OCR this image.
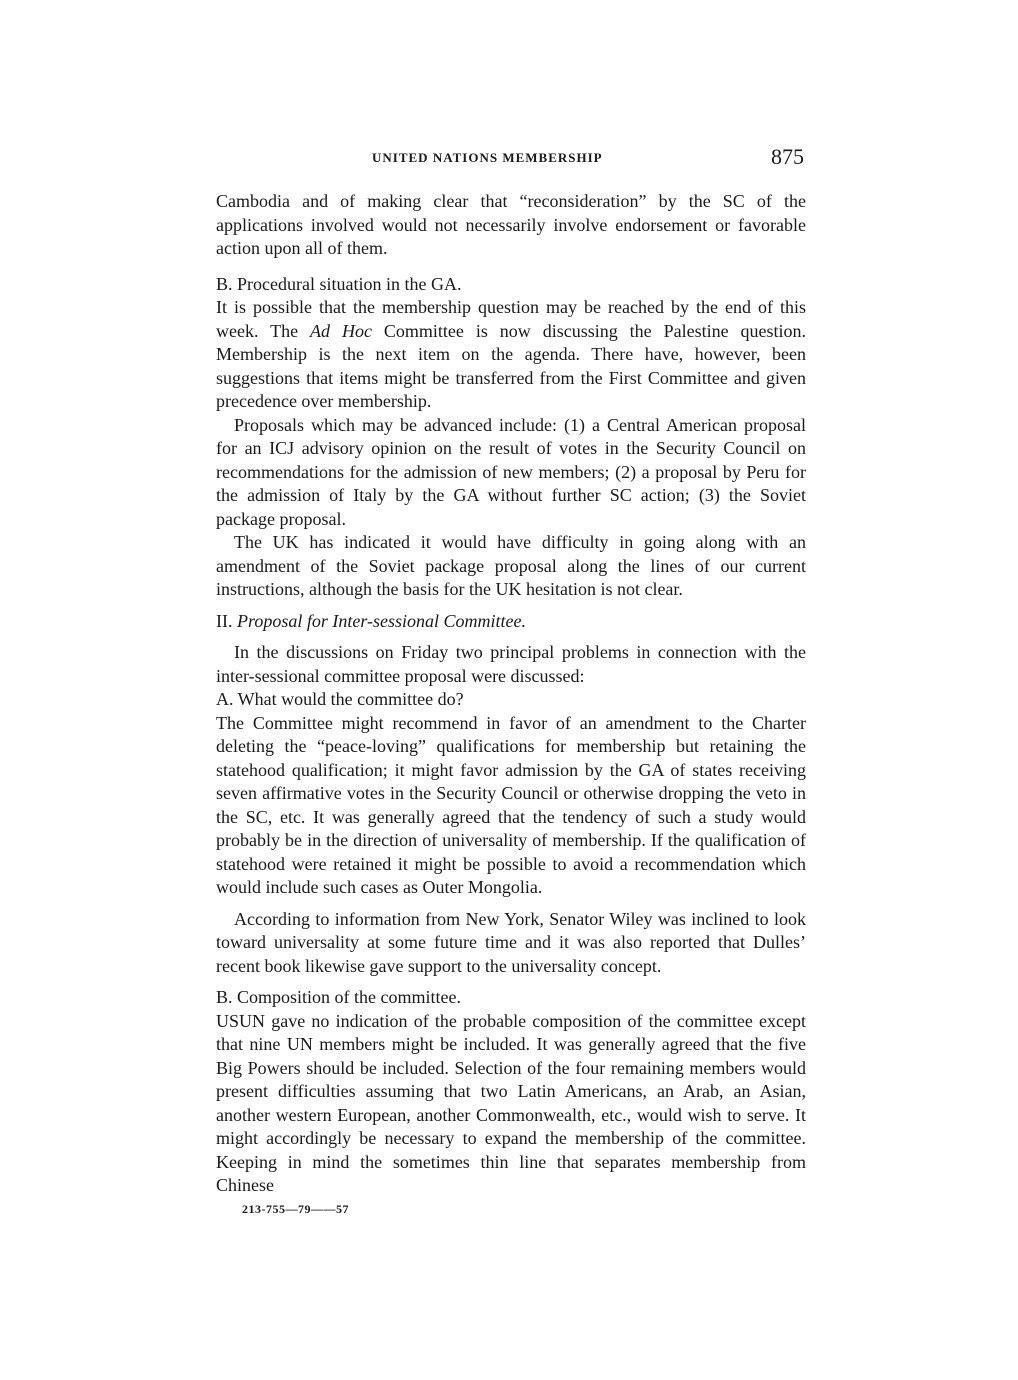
UNITED NATIONS MEMBERSHIP	875

Cambodia and of making clear that “reconsideration” by the SC of the applications involved would not necessarily involve endorsement or favorable action upon all of them.

B. Procedural situation in the GA.

It is possible that the membership question may be reached by the end of this week. The Ad Hoc Committee is now discussing the Palestine question. Membership is the next item on the agenda. There have, however, been suggestions that items might be transferred from the First Committee and given precedence over membership.

Proposals which may be advanced include: (1) a Central American proposal for an ICJ advisory opinion on the result of votes in the Security Council on recommendations for the admission of new members; (2) a proposal by Peru for the admission of Italy by the GA without further SC action; (3) the Soviet package proposal.

The UK has indicated it would have difficulty in going along with an amendment of the Soviet package proposal along the lines of our current instructions, although the basis for the UK hesitation is not clear.

II. Proposal for Inter-sessional Committee.

In the discussions on Friday two principal problems in connection with the inter-sessional committee proposal were discussed:

A. What would the committee do?

The Committee might recommend in favor of an amendment to the Charter deleting the “peace-loving” qualifications for membership but retaining the statehood qualification; it might favor admission by the GA of states receiving seven affirmative votes in the Security Council or otherwise dropping the veto in the SC, etc. It was generally agreed that the tendency of such a study would probably be in the direction of universality of membership. If the qualification of statehood were retained it might be possible to avoid a recommendation which would include such cases as Outer Mongolia.

According to information from New York, Senator Wiley was inclined to look toward universality at some future time and it was also reported that Dulles’ recent book likewise gave support to the universality concept.

B. Composition of the committee.

USUN gave no indication of the probable composition of the committee except that nine UN members might be included. It was generally agreed that the five Big Powers should be included. Selection of the four remaining members would present difficulties assuming that two Latin Americans, an Arab, an Asian, another western European, another Commonwealth, etc., would wish to serve. It might accordingly be necessary to expand the membership of the committee. Keeping in mind the sometimes thin line that separates membership from Chinese

213-755—79——57
